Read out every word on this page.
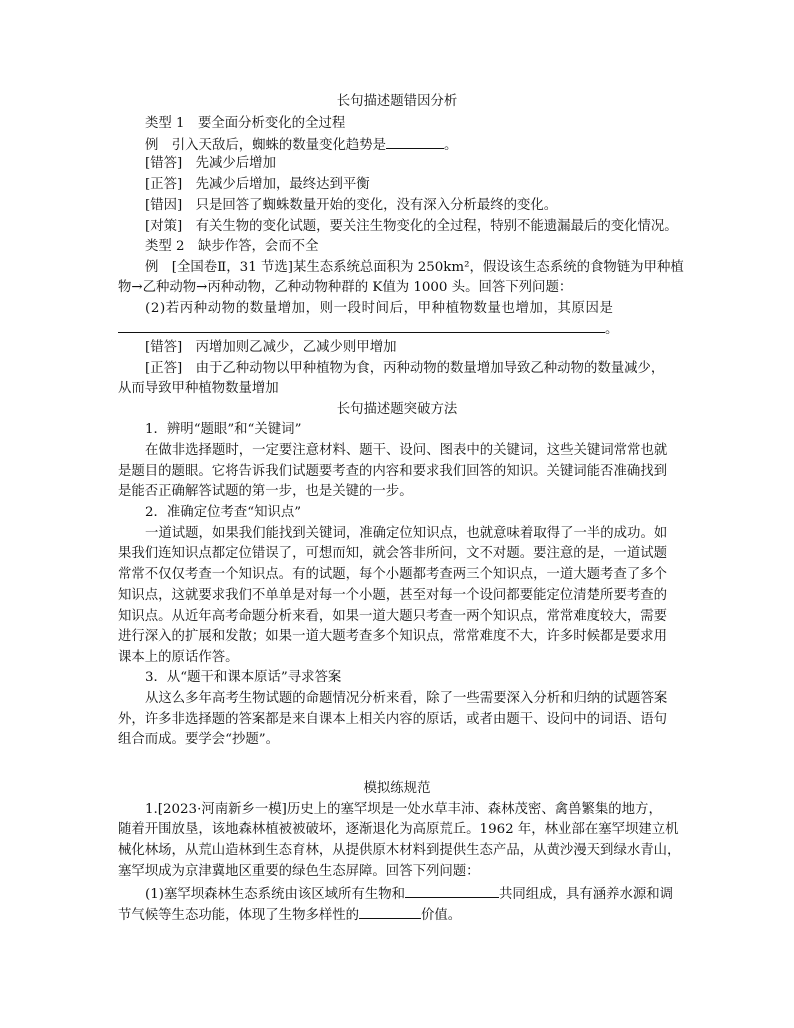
长句描述题错因分析
类型 1　要全面分析变化的全过程
例　引入天敌后，蜘蛛的数量变化趋势是	。
[错答]　先减少后增加
[正答]　先减少后增加，最终达到平衡
[错因]　只是回答了蜘蛛数量开始的变化，没有深入分析最终的变化。
[对策]　有关生物的变化试题，要关注生物变化的全过程，特别不能遗漏最后的变化情况。
类型 2　缺步作答，会而不全
例　[全国卷Ⅱ，31 节选]某生态系统总面积为 250km²，假设该生态系统的食物链为甲种植
物→乙种动物→丙种动物，乙种动物种群的 K值为 1000 头。回答下列问题：
(2)若丙种动物的数量增加，则一段时间后，甲种植物数量也增加，其原因是
。
[错答]　丙增加则乙减少，乙减少则甲增加
[正答]　由于乙种动物以甲种植物为食，丙种动物的数量增加导致乙种动物的数量减少，
从而导致甲种植物数量增加
长句描述题突破方法
1．辨明“题眼”和“关键词”
在做非选择题时，一定要注意材料、题干、设问、图表中的关键词，这些关键词常常也就
是题目的题眼。它将告诉我们试题要考查的内容和要求我们回答的知识。关键词能否准确找到
是能否正确解答试题的第一步，也是关键的一步。
2．准确定位考查“知识点”
一道试题，如果我们能找到关键词，准确定位知识点，也就意味着取得了一半的成功。如
果我们连知识点都定位错误了，可想而知，就会答非所问，文不对题。要注意的是，一道试题
常常不仅仅考查一个知识点。有的试题，每个小题都考查两三个知识点，一道大题考查了多个
知识点，这就要求我们不单单是对每一个小题，甚至对每一个设问都要能定位清楚所要考查的
知识点。从近年高考命题分析来看，如果一道大题只考查一两个知识点，常常难度较大，需要
进行深入的扩展和发散；如果一道大题考查多个知识点，常常难度不大，许多时候都是要求用
课本上的原话作答。
3．从“题干和课本原话”寻求答案
从这么多年高考生物试题的命题情况分析来看，除了一些需要深入分析和归纳的试题答案
外，许多非选择题的答案都是来自课本上相关内容的原话，或者由题干、设问中的词语、语句
组合而成。要学会“抄题”。
模拟练规范
1.[2023·河南新乡一模]历史上的塞罕坝是一处水草丰沛、森林茂密、禽兽繁集的地方，
随着开围放垦，该地森林植被被破坏，逐渐退化为高原荒丘。1962 年，林业部在塞罕坝建立机
械化林场，从荒山造林到生态育林，从提供原木材料到提供生态产品，从黄沙漫天到绿水青山，
塞罕坝成为京津冀地区重要的绿色生态屏障。回答下列问题：
(1)塞罕坝森林生态系统由该区域所有生物和	共同组成，具有涵养水源和调
节气候等生态功能，体现了生物多样性的	价值。
